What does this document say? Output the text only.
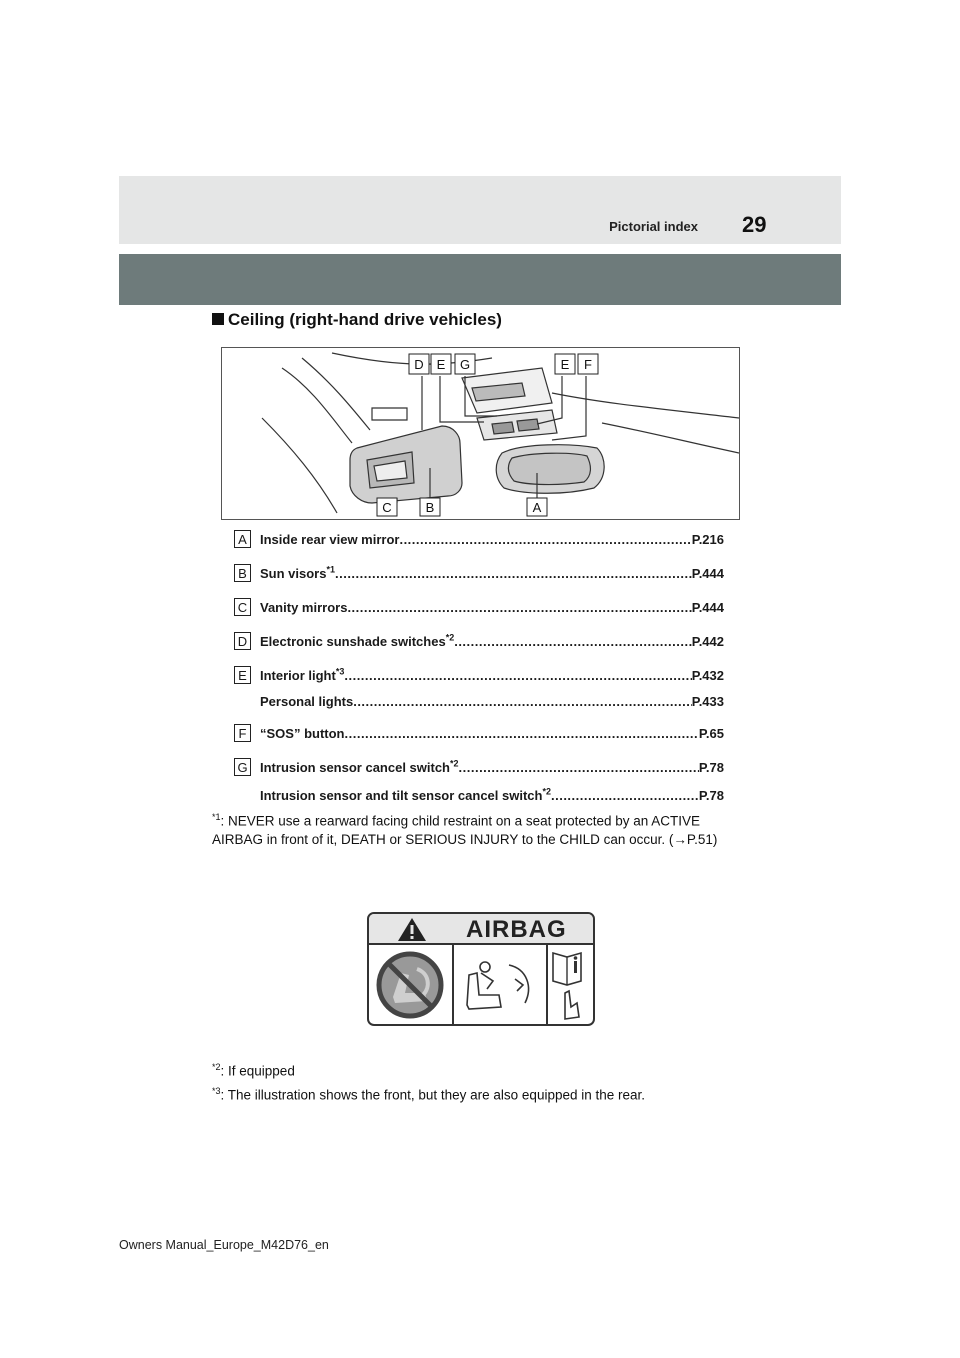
Pictorial index 29
Ceiling (right-hand drive vehicles)
D E G	E F
C	B	A
A	Inside rear view mirror .....	P.216
B	Sun visors$^{*1}$ .....	P.444
C Vanity mirrors .....	P.444
D Electronic sunshade switches$^{*2}$ .....	P.442
E	Interior light$^{*3}$ .....	P.432
Personal lights .....	P.433
F	“SOS” button .....	P.65
G Intrusion sensor cancel switch$^{*2}$ .....	P.78
Intrusion sensor and tilt sensor cancel switch$^{*2}$ .....	P.78
$^{*1}$: NEVER use a rearward facing child restraint on a seat protected by an ACTIVE AIRBAG in front of it, DEATH or SERIOUS INJURY to the CHILD can occur. (→P.51)
AIRBAG
$^{*2}$: If equipped
$^{*3}$: The illustration shows the front, but they are also equipped in the rear.
Owners Manual_Europe_M42D76_en
